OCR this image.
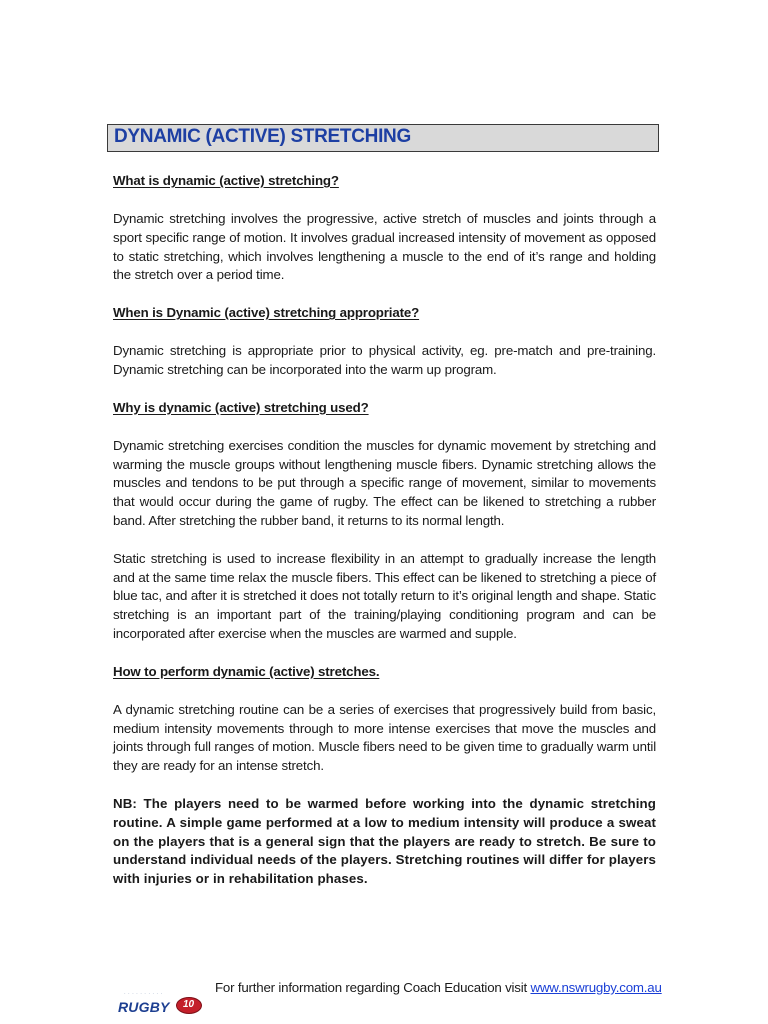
DYNAMIC (ACTIVE) STRETCHING

What is dynamic (active) stretching?

Dynamic stretching involves the progressive, active stretch of muscles and joints through a sport specific range of motion. It involves gradual increased intensity of movement as opposed to static stretching, which involves lengthening a muscle to the end of it’s range and holding the stretch over a period time.

When is Dynamic (active) stretching appropriate?

Dynamic stretching is appropriate prior to physical activity, eg. pre-match and pre-training. Dynamic stretching can be incorporated into the warm up program.

Why is dynamic (active) stretching used?

Dynamic stretching exercises condition the muscles for dynamic movement by stretching and warming the muscle groups without lengthening muscle fibers. Dynamic stretching allows the muscles and tendons to be put through a specific range of movement, similar to movements that would occur during the game of rugby. The effect can be likened to stretching a rubber band. After stretching the rubber band, it returns to its normal length.

Static stretching is used to increase flexibility in an attempt to gradually increase the length and at the same time relax the muscle fibers. This effect can be likened to stretching a piece of blue tac, and after it is stretched it does not totally return to it’s original length and shape. Static stretching is an important part of the training/playing conditioning program and can be incorporated after exercise when the muscles are warmed and supple.

How to perform dynamic (active) stretches.

A dynamic stretching routine can be a series of exercises that progressively build from basic, medium intensity movements through to more intense exercises that move the muscles and joints through full ranges of motion. Muscle fibers need to be given time to gradually warm until they are ready for an intense stretch.

NB: The players need to be warmed before working into the dynamic stretching routine. A simple game performed at a low to medium intensity will produce a sweat on the players that is a general sign that the players are ready to stretch. Be sure to understand individual needs of the players. Stretching routines will differ for players with injuries or in rehabilitation phases.

· · · · · · · · · ·
RUGBY 10
For further information regarding Coach Education visit www.nswrugby.com.au
